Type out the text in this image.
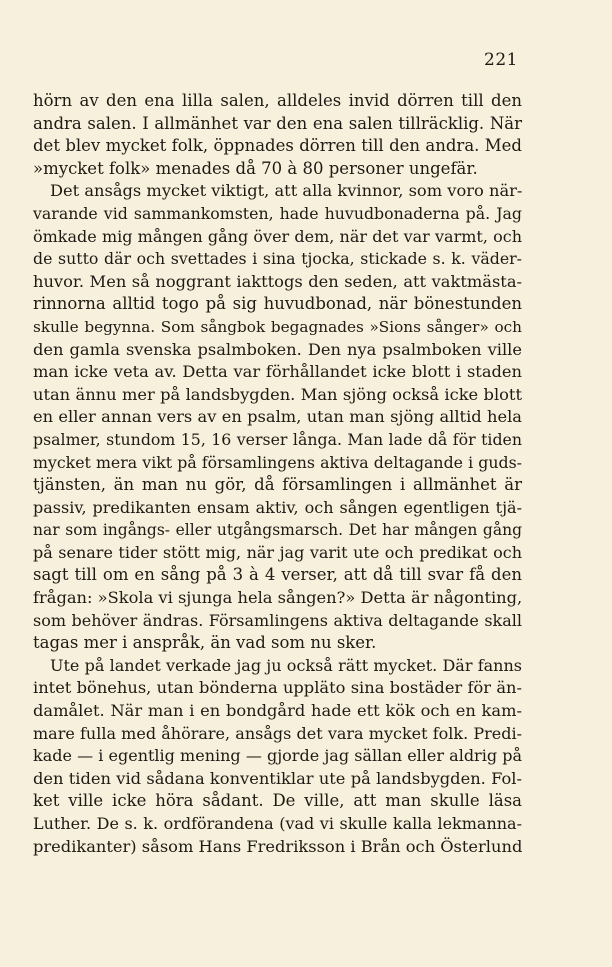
221
hörn av den ena lilla salen, alldeles invid dörren till den
andra salen. I allmänhet var den ena salen tillräcklig. När
det blev mycket folk, öppnades dörren till den andra. Med
»mycket folk» menades då 70 à 80 personer ungefär.
Det ansågs mycket viktigt, att alla kvinnor, som voro när-
varande vid sammankomsten, hade huvudbonaderna på. Jag
ömkade mig mången gång över dem, när det var varmt, och
de sutto där och svettades i sina tjocka, stickade s. k. väder-
huvor. Men så noggrant iakttogs den seden, att vaktmästa-
rinnorna alltid togo på sig huvudbonad, när bönestunden
skulle begynna. Som sångbok begagnades »Sions sånger» och
den gamla svenska psalmboken. Den nya psalmboken ville
man icke veta av. Detta var förhållandet icke blott i staden
utan ännu mer på landsbygden. Man sjöng också icke blott
en eller annan vers av en psalm, utan man sjöng alltid hela
psalmer, stundom 15, 16 verser långa. Man lade då för tiden
mycket mera vikt på församlingens aktiva deltagande i guds-
tjänsten, än man nu gör, då församlingen i allmänhet är
passiv, predikanten ensam aktiv, och sången egentligen tjä-
nar som ingångs- eller utgångsmarsch. Det har mången gång
på senare tider stött mig, när jag varit ute och predikat och
sagt till om en sång på 3 à 4 verser, att då till svar få den
frågan: »Skola vi sjunga hela sången?» Detta är någonting,
som behöver ändras. Församlingens aktiva deltagande skall
tagas mer i anspråk, än vad som nu sker.
Ute på landet verkade jag ju också rätt mycket. Där fanns
intet bönehus, utan bönderna uppläto sina bostäder för än-
damålet. När man i en bondgård hade ett kök och en kam-
mare fulla med åhörare, ansågs det vara mycket folk. Predi-
kade — i egentlig mening — gjorde jag sällan eller aldrig på
den tiden vid sådana konventiklar ute på landsbygden. Fol-
ket ville icke höra sådant. De ville, att man skulle läsa
Luther. De s. k. ordförandena (vad vi skulle kalla lekmanna-
predikanter) såsom Hans Fredriksson i Brån och Österlund
